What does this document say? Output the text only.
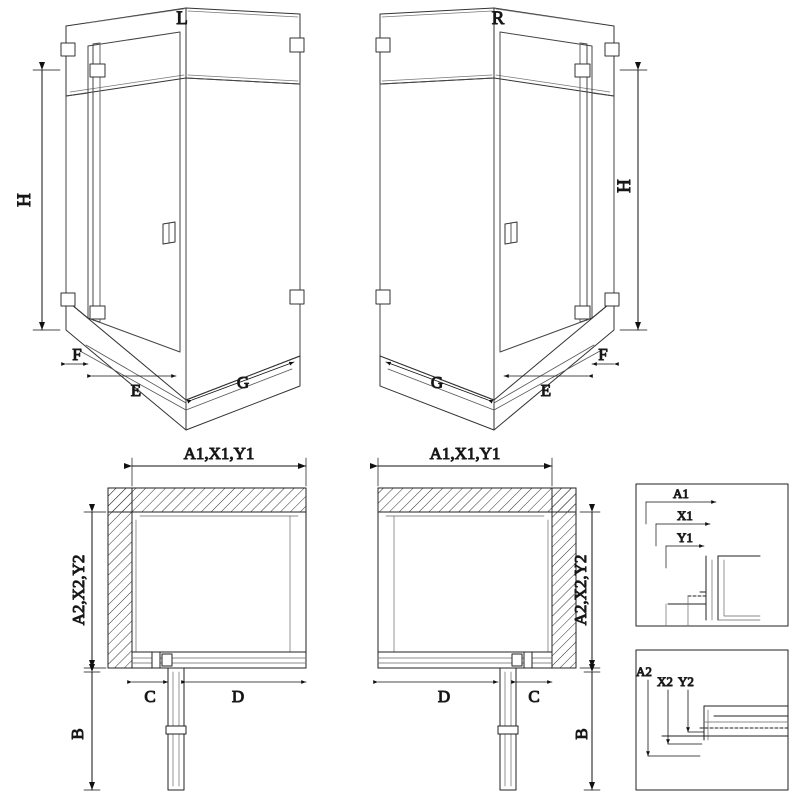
H
F
E	G
L
H
F
E
G
R
A1,X1,Y1
A2,X2,Y2
C	D
B
A1,X1,Y1
A2,X2,Y2
D	C
B
A1
X1
Y1
A2
X2 Y2
